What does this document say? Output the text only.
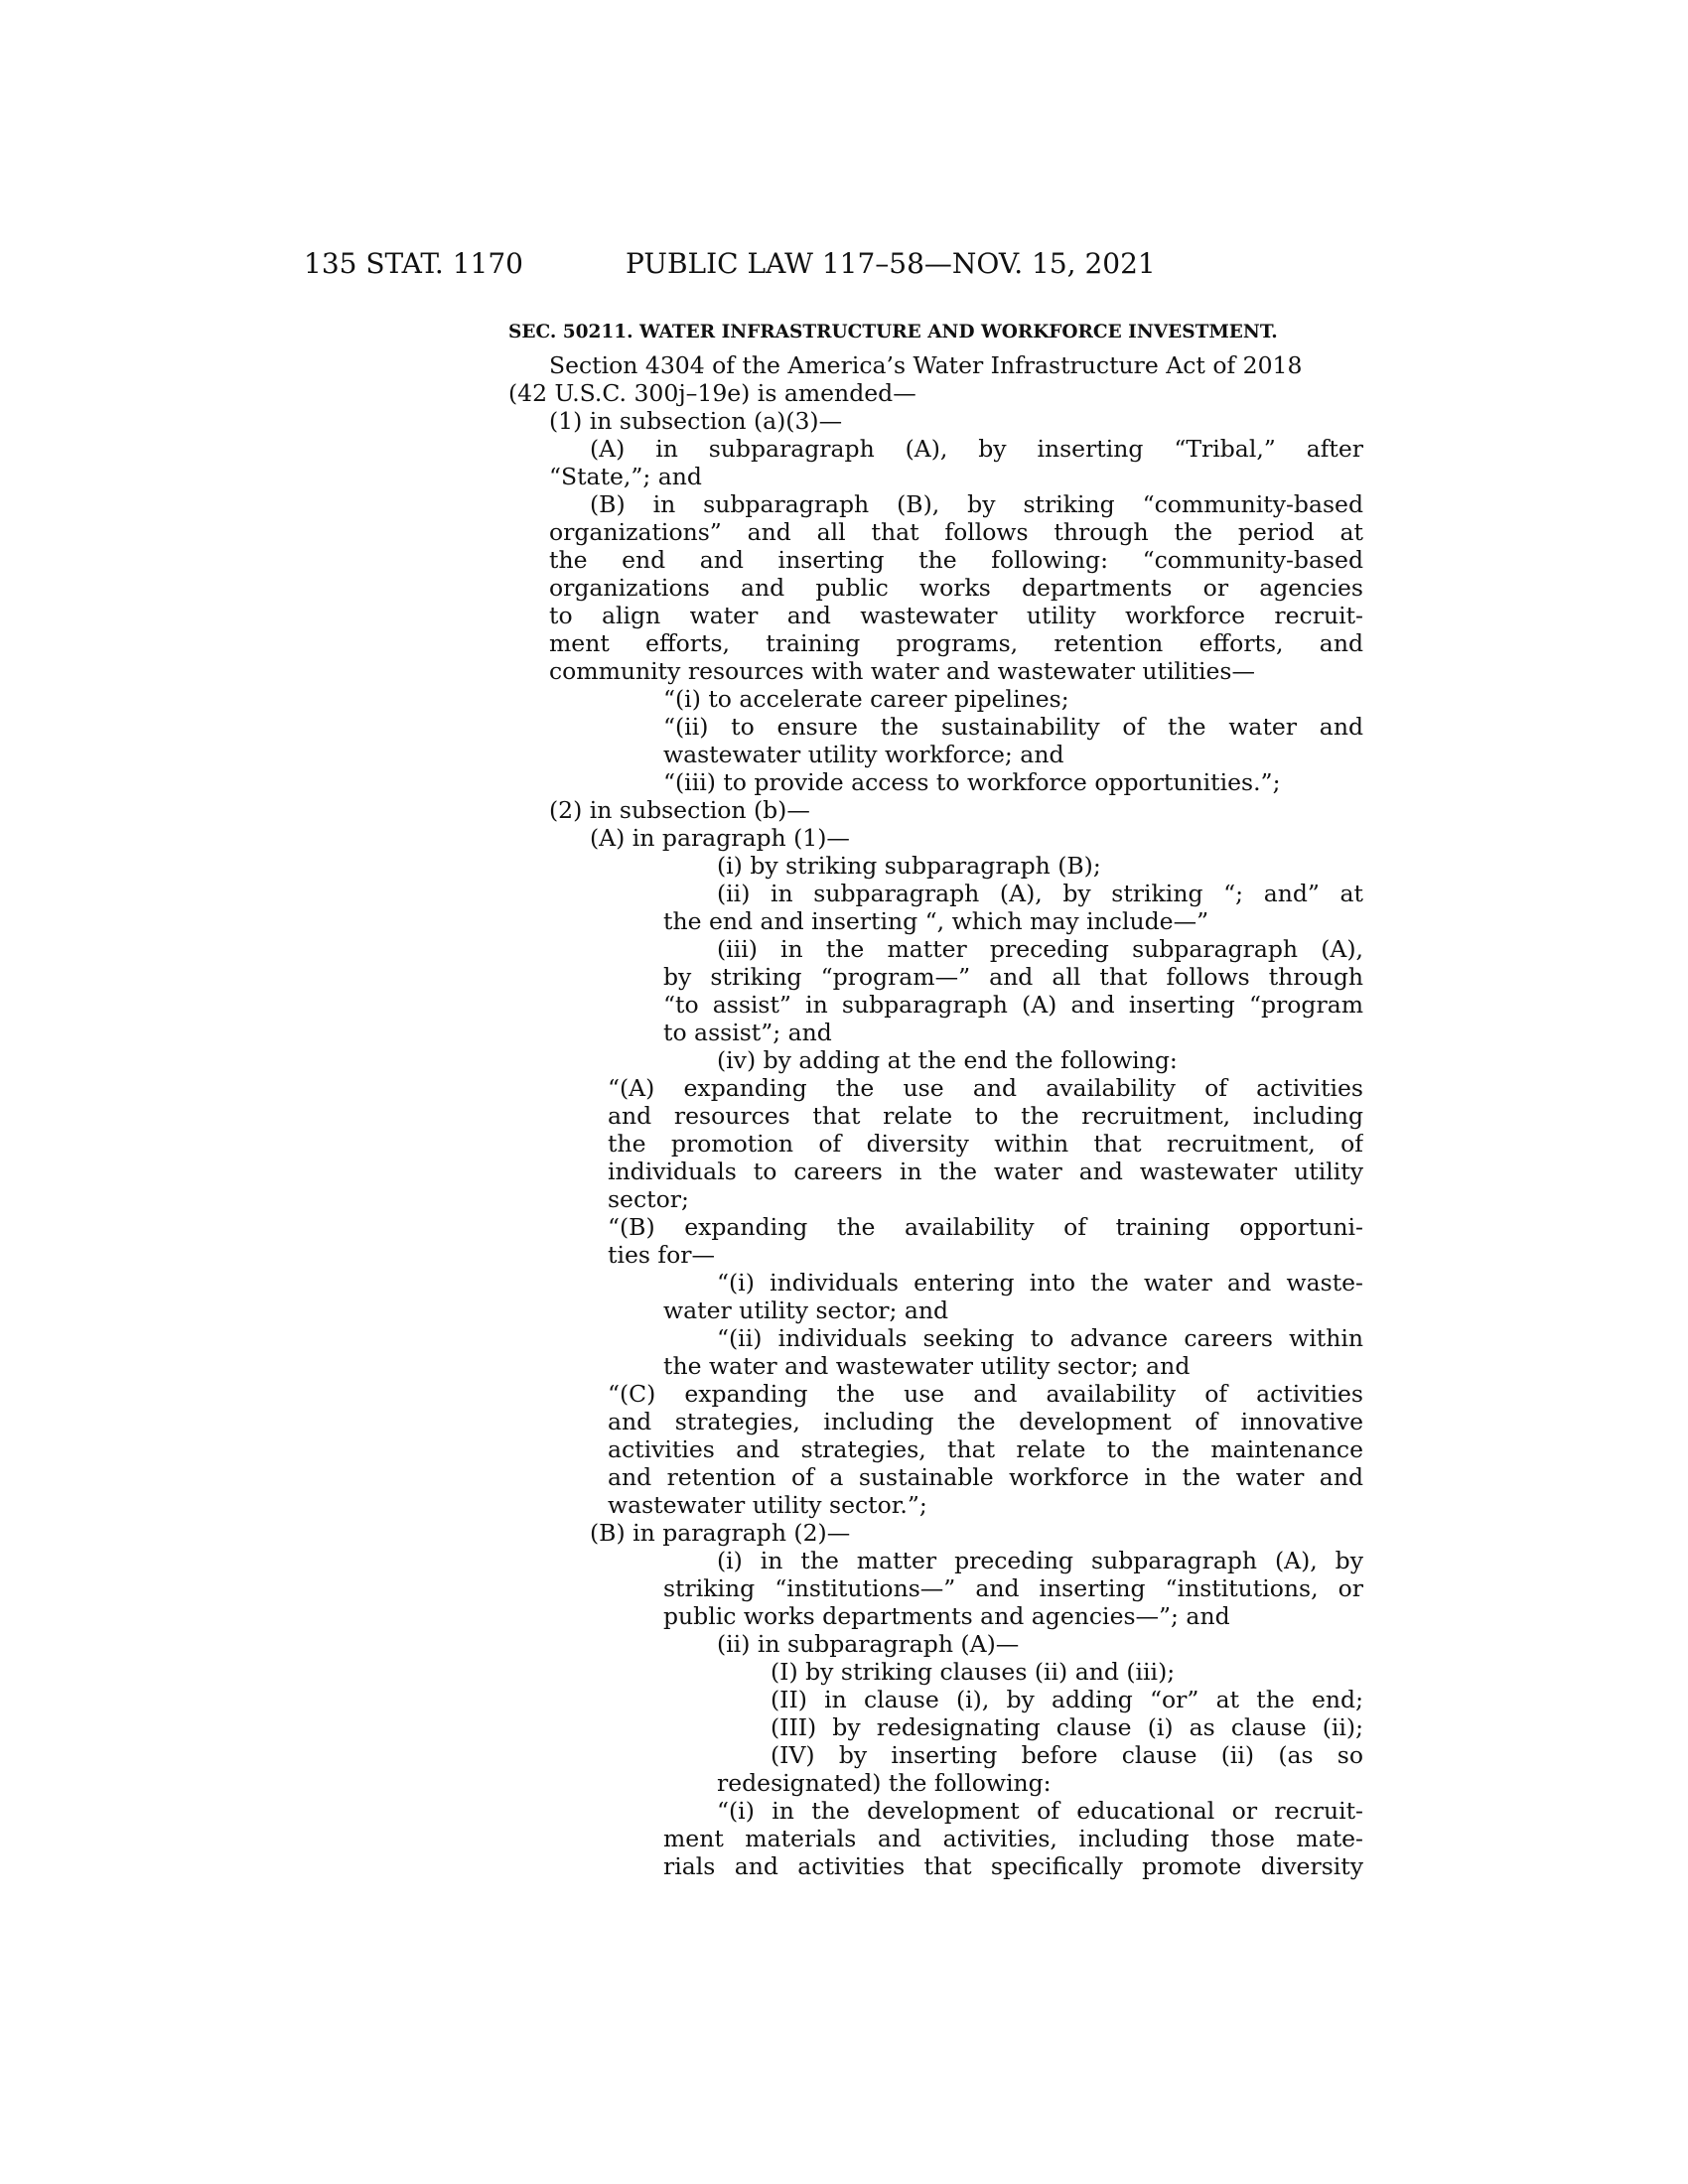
135 STAT. 1170	PUBLIC LAW 117–58—NOV. 15, 2021
SEC. 50211. WATER INFRASTRUCTURE AND WORKFORCE INVESTMENT.
Section 4304 of the America’s Water Infrastructure Act of 2018
(42 U.S.C. 300j–19e) is amended—
(1) in subsection (a)(3)—
(A) in subparagraph (A), by inserting “Tribal,” after
“State,”; and
(B) in subparagraph (B), by striking “community-based
organizations” and all that follows through the period at
the end and inserting the following: “community-based
organizations and public works departments or agencies
to align water and wastewater utility workforce recruit-
ment efforts, training programs, retention efforts, and
community resources with water and wastewater utilities—
“(i) to accelerate career pipelines;
“(ii) to ensure the sustainability of the water and
wastewater utility workforce; and
“(iii) to provide access to workforce opportunities.”;
(2) in subsection (b)—
(A) in paragraph (1)—
(i) by striking subparagraph (B);
(ii) in subparagraph (A), by striking “; and” at
the end and inserting “, which may include—”
(iii) in the matter preceding subparagraph (A),
by striking “program—” and all that follows through
“to assist” in subparagraph (A) and inserting “program
to assist”; and
(iv) by adding at the end the following:
“(A) expanding the use and availability of activities
and resources that relate to the recruitment, including
the promotion of diversity within that recruitment, of
individuals to careers in the water and wastewater utility
sector;
“(B) expanding the availability of training opportuni-
ties for—
“(i) individuals entering into the water and waste-
water utility sector; and
“(ii) individuals seeking to advance careers within
the water and wastewater utility sector; and
“(C) expanding the use and availability of activities
and strategies, including the development of innovative
activities and strategies, that relate to the maintenance
and retention of a sustainable workforce in the water and
wastewater utility sector.”;
(B) in paragraph (2)—
(i) in the matter preceding subparagraph (A), by
striking “institutions—” and inserting “institutions, or
public works departments and agencies—”; and
(ii) in subparagraph (A)—
(I) by striking clauses (ii) and (iii);
(II) in clause (i), by adding “or” at the end;
(III) by redesignating clause (i) as clause (ii);
(IV) by inserting before clause (ii) (as so
redesignated) the following:
“(i) in the development of educational or recruit-
ment materials and activities, including those mate-
rials and activities that specifically promote diversity
